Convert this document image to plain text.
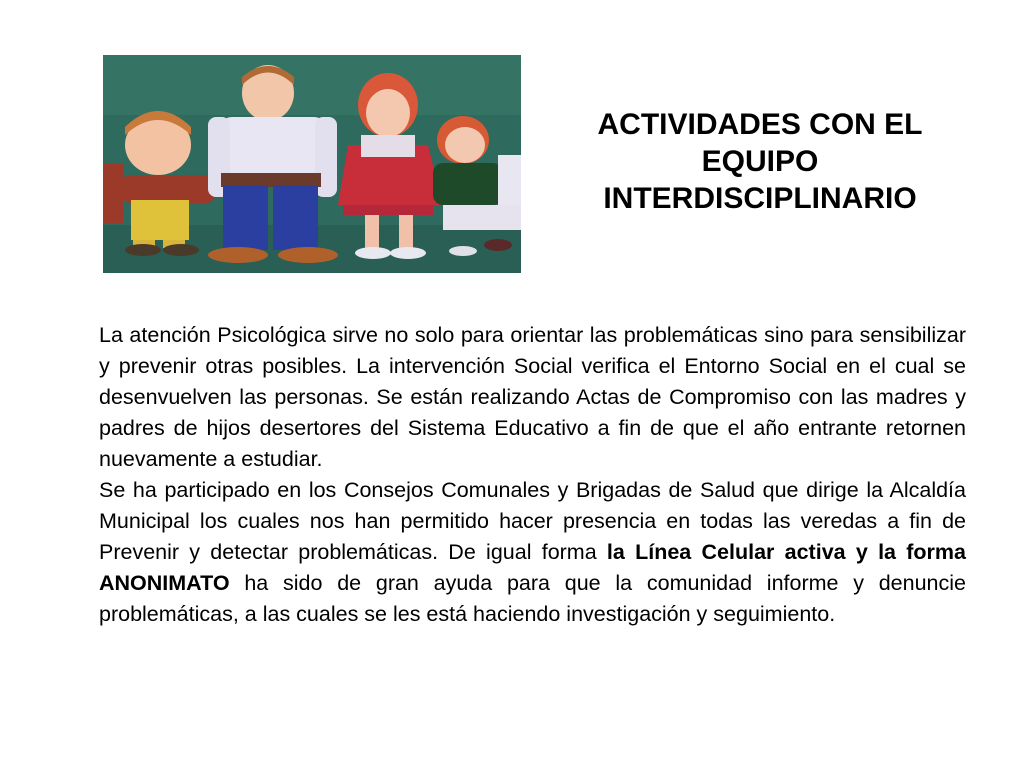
ACTIVIDADES CON EL
EQUIPO
INTERDISCIPLINARIO

La atención Psicológica sirve no solo para orientar las problemáticas sino para sensibilizar y prevenir otras posibles. La intervención Social verifica el Entorno Social en el cual se desenvuelven las personas. Se están realizando Actas de Compromiso con las madres y padres de hijos desertores del Sistema Educativo a fin de que el año entrante retornen nuevamente a estudiar.

Se ha participado en los Consejos Comunales y Brigadas de Salud que dirige la Alcaldía Municipal los cuales nos han permitido hacer presencia en todas las veredas a fin de Prevenir y detectar problemáticas. De igual forma la Línea Celular activa y la forma ANONIMATO ha sido de gran ayuda para que la comunidad informe y denuncie problemáticas, a las cuales se les está haciendo investigación y seguimiento.
